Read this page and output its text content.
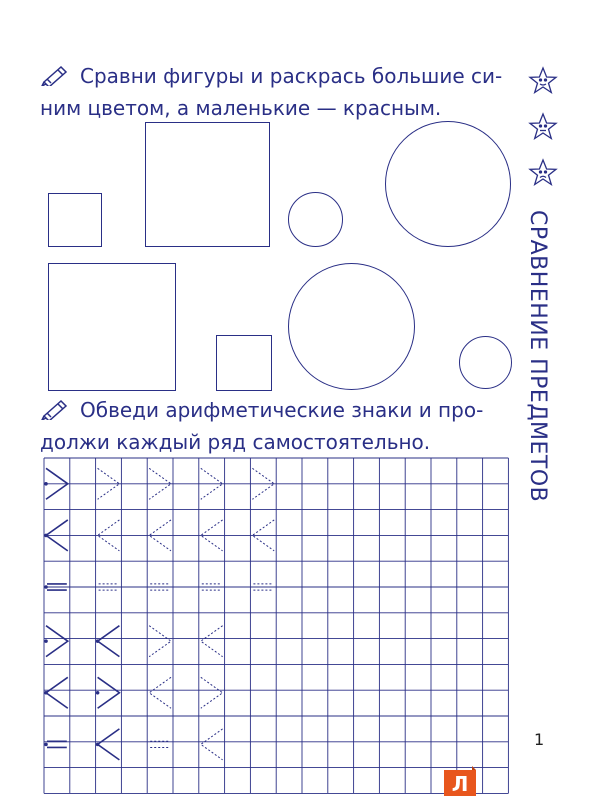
Сравни фигуры и раскрась большие си-
ним цветом, а маленькие — красным.
Обведи арифметические знаки и про-
должи каждый ряд самостоятельно.	СРАВНЕНИЕ ПРЕДМЕТОВ
1
Л
